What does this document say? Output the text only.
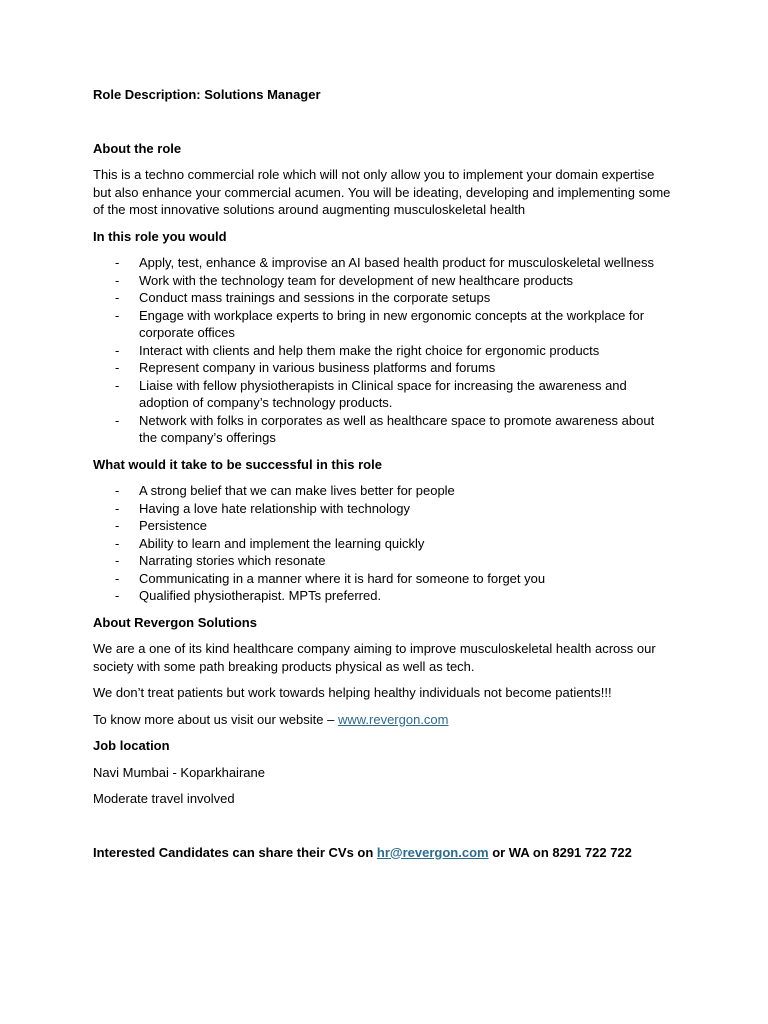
Role Description: Solutions Manager
About the role
This is a techno commercial role which will not only allow you to implement your domain expertise but also enhance your commercial acumen. You will be ideating, developing and implementing some of the most innovative solutions around augmenting musculoskeletal health
In this role you would
- Apply, test, enhance & improvise an AI based health product for musculoskeletal wellness
- Work with the technology team for development of new healthcare products
- Conduct mass trainings and sessions in the corporate setups
- Engage with workplace experts to bring in new ergonomic concepts at the workplace for corporate offices
- Interact with clients and help them make the right choice for ergonomic products
- Represent company in various business platforms and forums
- Liaise with fellow physiotherapists in Clinical space for increasing the awareness and adoption of company’s technology products.
- Network with folks in corporates as well as healthcare space to promote awareness about the company’s offerings
What would it take to be successful in this role
- A strong belief that we can make lives better for people
- Having a love hate relationship with technology
- Persistence
- Ability to learn and implement the learning quickly
- Narrating stories which resonate
- Communicating in a manner where it is hard for someone to forget you
- Qualified physiotherapist. MPTs preferred.
About Revergon Solutions
We are a one of its kind healthcare company aiming to improve musculoskeletal health across our society with some path breaking products physical as well as tech.
We don’t treat patients but work towards helping healthy individuals not become patients!!!
To know more about us visit our website – www.revergon.com
Job location
Navi Mumbai - Koparkhairane
Moderate travel involved
Interested Candidates can share their CVs on hr@revergon.com or WA on 8291 722 722
